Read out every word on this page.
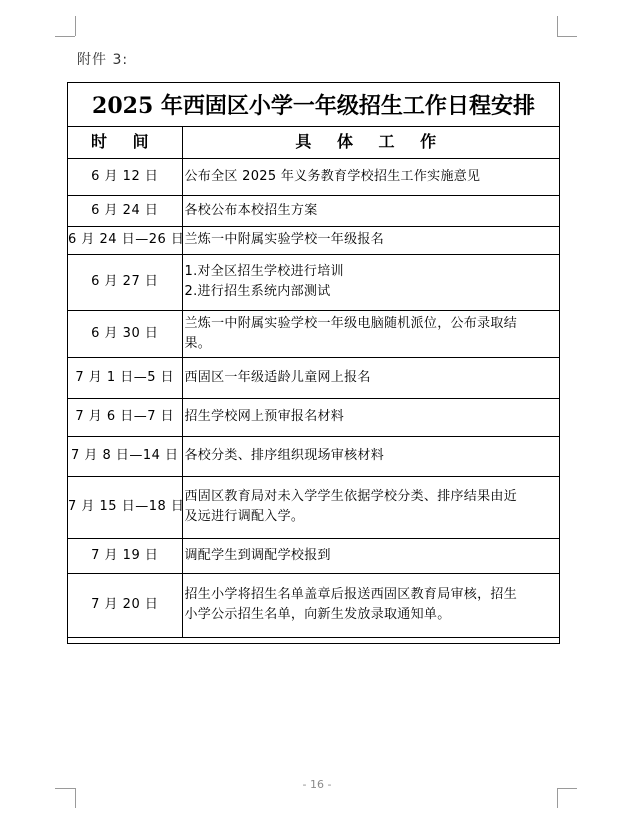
附件 3:
2025 年西固区小学一年级招生工作日程安排
时 间	具 体 工 作
6 月 12 日	公布全区 2025 年义务教育学校招生工作实施意见

6 月 24 日	各校公布本校招生方案

6 月 24 日—26 日	兰炼一中附属实验学校一年级报名

6 月 27 日	1.对全区招生学校进行培训
2.进行招生系统内部测试

6 月 30 日	兰炼一中附属实验学校一年级电脑随机派位，公布录取结
果。

7 月 1 日—5 日	西固区一年级适龄儿童网上报名

7 月 6 日—7 日	招生学校网上预审报名材料

7 月 8 日—14 日	各校分类、排序组织现场审核材料

7 月 15 日—18 日	西固区教育局对未入学学生依据学校分类、排序结果由近
及远进行调配入学。

7 月 19 日	调配学生到调配学校报到

7 月 20 日	招生小学将招生名单盖章后报送西固区教育局审核，招生
小学公示招生名单，向新生发放录取通知单。
- 16 -
